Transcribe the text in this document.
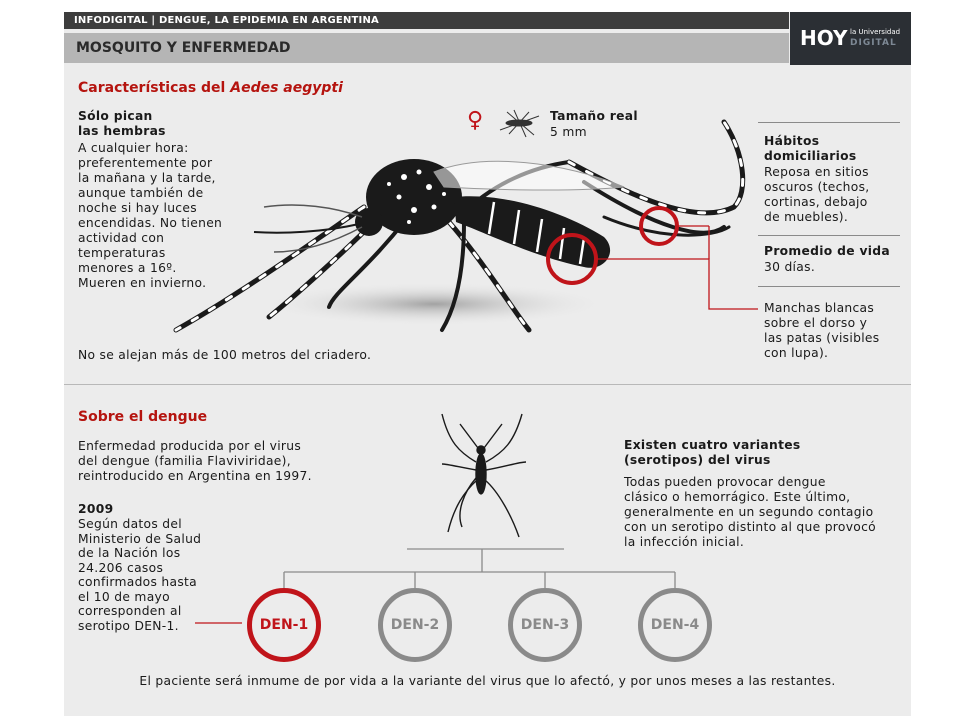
INFODIGITAL | DENGUE, LA EPIDEMIA EN ARGENTINA
MOSQUITO Y ENFERMEDAD	HOY la Universidad
DIGITAL
Características del Aedes aegypti
Sólo pican
las hembras
A cualquier hora:
preferentemente por
la mañana y la tarde,
aunque también de
noche si hay luces
encendidas. No tienen
actividad con
temperaturas
menores a 16º.
Mueren en invierno.
♀	Tamaño real
5 mm
Hábitos
domiciliarios
Reposa en sitios
oscuros (techos,
cortinas, debajo
de muebles).
Promedio de vida
30 días.
Manchas blancas
sobre el dorso y
las patas (visibles
con lupa).
No se alejan más de 100 metros del criadero.
Sobre el dengue
Enfermedad producida por el virus
del dengue (familia Flaviviridae),
reintroducido en Argentina en 1997.
2009
Según datos del
Ministerio de Salud
de la Nación los
24.206 casos
confirmados hasta
el 10 de mayo
corresponden al
serotipo DEN-1.
Existen cuatro variantes
(serotipos) del virus
Todas pueden provocar dengue
clásico o hemorrágico. Este último,
generalmente en un segundo contagio
con un serotipo distinto al que provocó
la infección inicial.
DEN-1	DEN-2	DEN-3	DEN-4
El paciente será inmume de por vida a la variante del virus que lo afectó, y por unos meses a las restantes.
